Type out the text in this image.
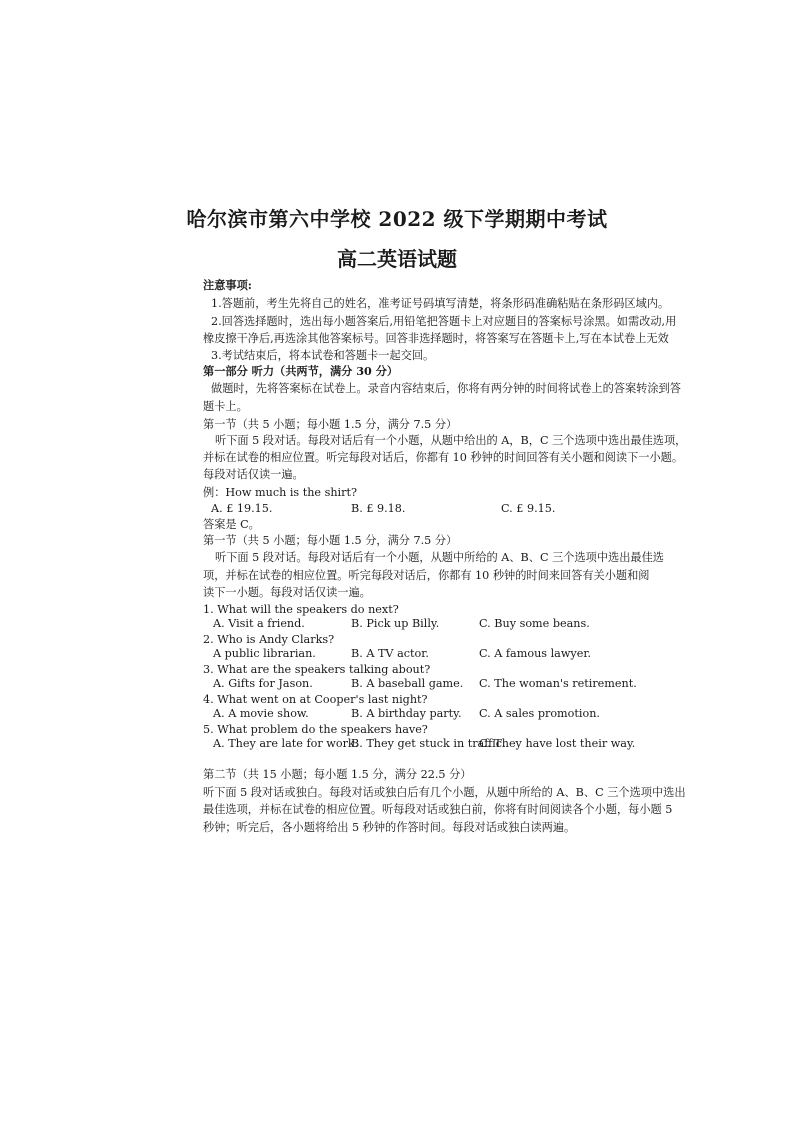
哈尔滨市第六中学校 2022 级下学期期中考试
高二英语试题
注意事项:
1.答题前，考生先将自己的姓名，准考证号码填写清楚，将条形码准确粘贴在条形码区域内。
2.回答选择题时，选出每小题答案后,用铅笔把答题卡上对应题目的答案标号涂黑。如需改动,用
橡皮擦干净后,再选涂其他答案标号。回答非选择题时，将答案写在答题卡上,写在本试卷上无效
3.考试结束后，将本试卷和答题卡一起交回。
第一部分 听力（共两节，满分 30 分）
做题时，先将答案标在试卷上。录音内容结束后，你将有两分钟的时间将试卷上的答案转涂到答
题卡上。
第一节（共 5 小题；每小题 1.5 分，满分 7.5 分）
听下面 5 段对话。每段对话后有一个小题，从题中给出的 A，B，C 三个选项中选出最佳选项，
并标在试卷的相应位置。听完每段对话后，你都有 10 秒钟的时间回答有关小题和阅读下一小题。
每段对话仅读一遍。
例：How much is the shirt?
A. £ 19.15.	B. £ 9.18.	C. £ 9.15.
答案是 C。
第一节（共 5 小题；每小题 1.5 分，满分 7.5 分）
听下面 5 段对话。每段对话后有一个小题，从题中所给的 A、B、C 三个选项中选出最佳选
项，并标在试卷的相应位置。听完每段对话后，你都有 10 秒钟的时间来回答有关小题和阅
读下一小题。每段对话仅读一遍。
1. What will the speakers do next?
A. Visit a friend.	B. Pick up Billy.	C. Buy some beans.
2. Who is Andy Clarks?
A public librarian.	B. A TV actor.	C. A famous lawyer.
3. What are the speakers talking about?
A. Gifts for Jason.	B. A baseball game. C. The woman's retirement.
4. What went on at Cooper's last night?
A. A movie show.	B. A birthday party. C. A sales promotion.
5. What problem do the speakers have?
A. They are late for work.
B. They get stuck in traffic.
C. They have lost their way.
第二节（共 15 小题；每小题 1.5 分，满分 22.5 分）
听下面 5 段对话或独白。每段对话或独白后有几个小题，从题中所给的 A、B、C 三个选项中选出
最佳选项，并标在试卷的相应位置。听每段对话或独白前，你将有时间阅读各个小题，每小题 5
秒钟；听完后，各小题将给出 5 秒钟的作答时间。每段对话或独白读两遍。
